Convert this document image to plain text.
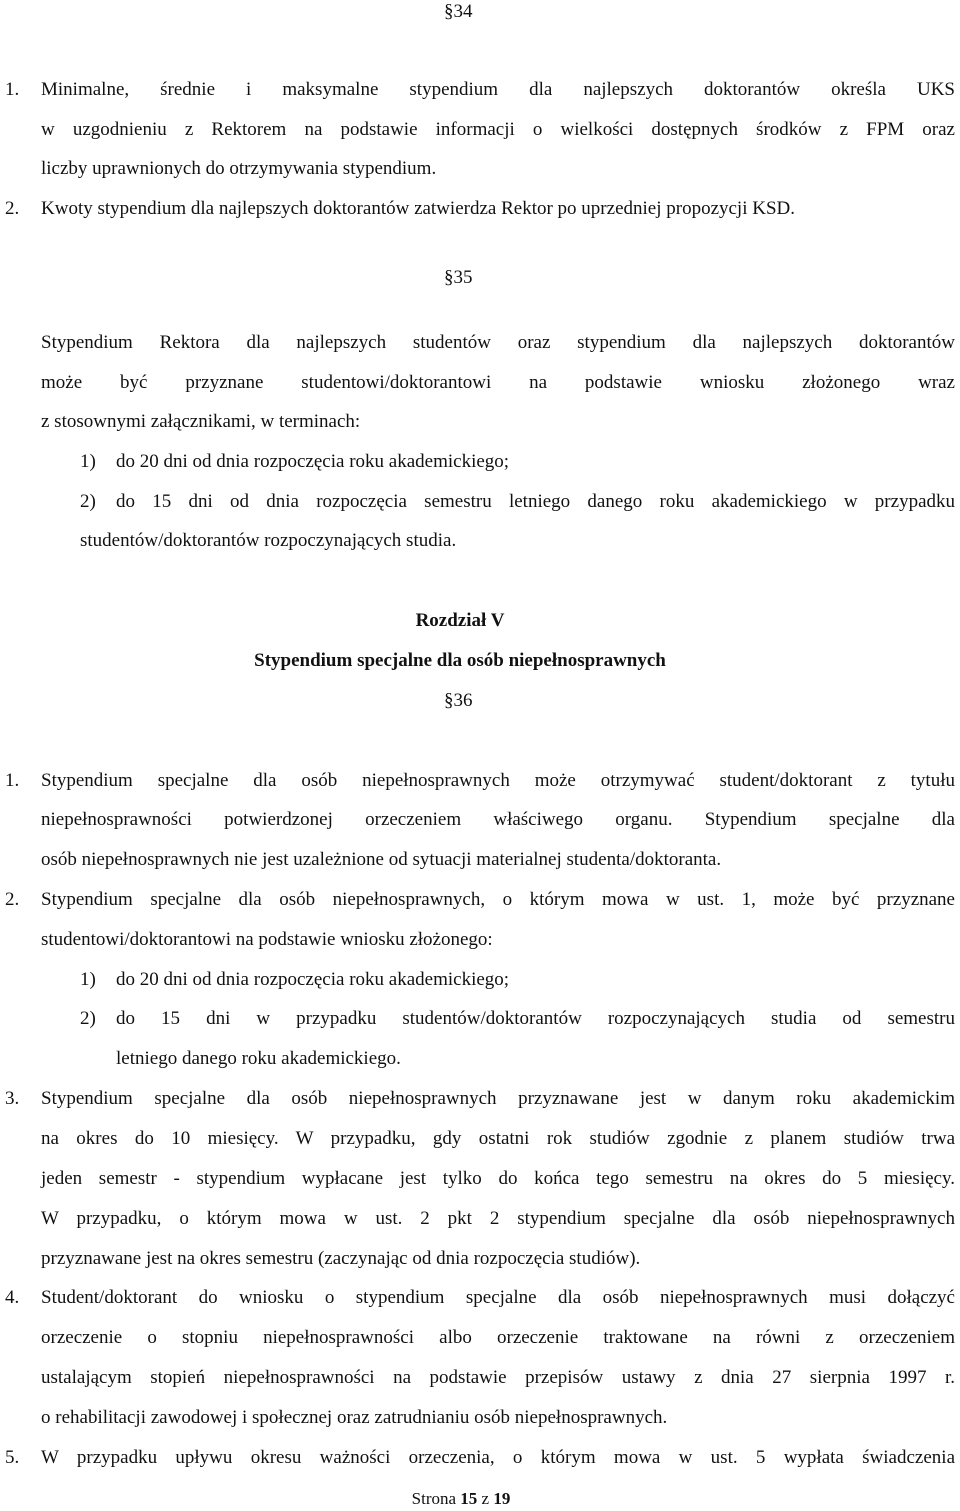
§34
1. Minimalne, średnie i maksymalne stypendium dla najlepszych doktorantów określa UKS
w uzgodnieniu z Rektorem na podstawie informacji o wielkości dostępnych środków z FPM oraz
liczby uprawnionych do otrzymywania stypendium.
2. Kwoty stypendium dla najlepszych doktorantów zatwierdza Rektor po uprzedniej propozycji KSD.
§35
Stypendium Rektora dla najlepszych studentów oraz stypendium dla najlepszych doktorantów
może być przyznane studentowi/doktorantowi na podstawie wniosku złożonego wraz
z stosownymi załącznikami, w terminach:
1) do 20 dni od dnia rozpoczęcia roku akademickiego;
2) do 15 dni od dnia rozpoczęcia semestru letniego danego roku akademickiego w przypadku
studentów/doktorantów rozpoczynających studia.
Rozdział V
Stypendium specjalne dla osób niepełnosprawnych
§36
1. Stypendium specjalne dla osób niepełnosprawnych może otrzymywać student/doktorant z tytułu
niepełnosprawności potwierdzonej orzeczeniem właściwego organu. Stypendium specjalne dla
osób niepełnosprawnych nie jest uzależnione od sytuacji materialnej studenta/doktoranta.
2. Stypendium specjalne dla osób niepełnosprawnych, o którym mowa w ust. 1, może być przyznane
studentowi/doktorantowi na podstawie wniosku złożonego:
1) do 20 dni od dnia rozpoczęcia roku akademickiego;
2) do 15 dni w przypadku studentów/doktorantów rozpoczynających studia od semestru
letniego danego roku akademickiego.
3. Stypendium specjalne dla osób niepełnosprawnych przyznawane jest w danym roku akademickim
na okres do 10 miesięcy. W przypadku, gdy ostatni rok studiów zgodnie z planem studiów trwa
jeden semestr - stypendium wypłacane jest tylko do końca tego semestru na okres do 5 miesięcy.
W przypadku, o którym mowa w ust. 2 pkt 2 stypendium specjalne dla osób niepełnosprawnych
przyznawane jest na okres semestru (zaczynając od dnia rozpoczęcia studiów).
4. Student/doktorant do wniosku o stypendium specjalne dla osób niepełnosprawnych musi dołączyć
orzeczenie o stopniu niepełnosprawności albo orzeczenie traktowane na równi z orzeczeniem
ustalającym stopień niepełnosprawności na podstawie przepisów ustawy z dnia 27 sierpnia 1997 r.
o rehabilitacji zawodowej i społecznej oraz zatrudnianiu osób niepełnosprawnych.
5. W przypadku upływu okresu ważności orzeczenia, o którym mowa w ust. 5 wypłata świadczenia
Strona 15 z 19
